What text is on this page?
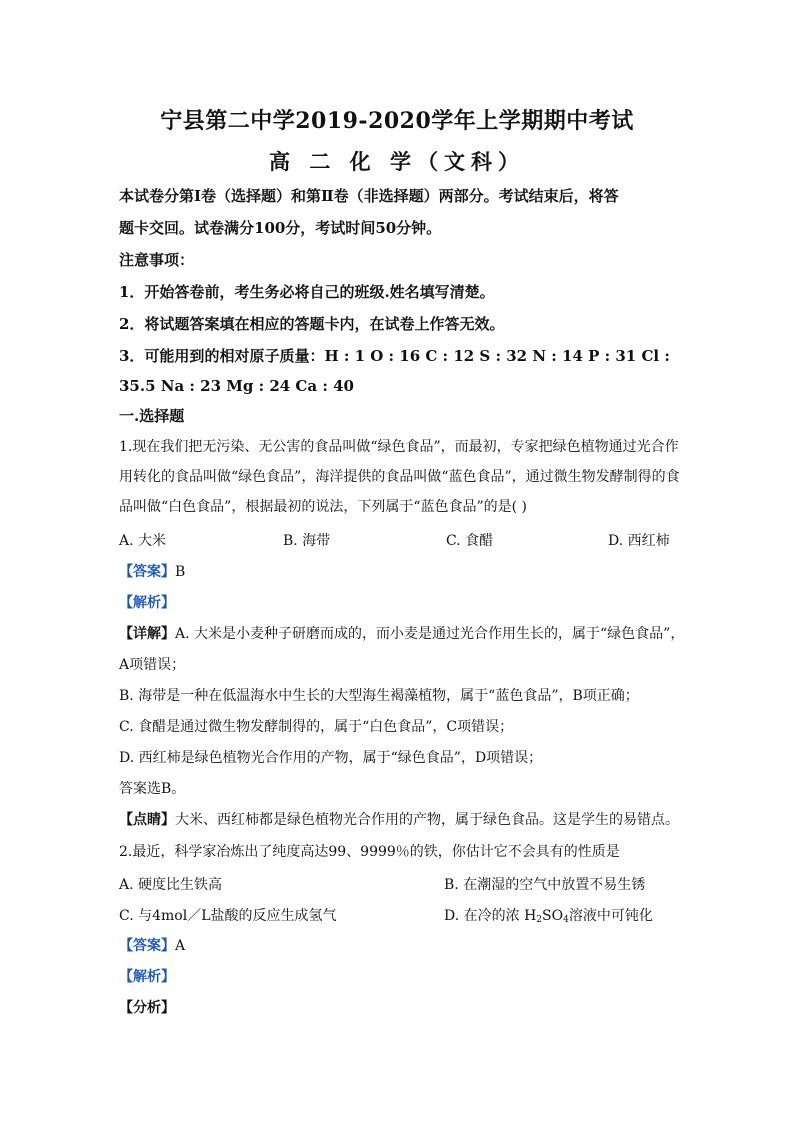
宁县第二中学2019-2020学年上学期期中考试
高 二 化 学（文科）
本试卷分第Ⅰ卷（选择题）和第Ⅱ卷（非选择题）两部分。考试结束后，将答
题卡交回。试卷满分100分，考试时间50分钟。
注意事项：
1．开始答卷前，考生务必将自己的班级.姓名填写清楚。
2．将试题答案填在相应的答题卡内，在试卷上作答无效。
3．可能用到的相对原子质量：H : 1 O : 16 C : 12 S : 32 N : 14 P : 31 Cl :
35.5 Na : 23 Mg : 24 Ca : 40
一.选择题
1.现在我们把无污染、无公害的食品叫做“绿色食品”，而最初，专家把绿色植物通过光合作
用转化的食品叫做“绿色食品”，海洋提供的食品叫做“蓝色食品”，通过微生物发酵制得的食
品叫做“白色食品”，根据最初的说法，下列属于“蓝色食品”的是( )
A. 大米	B. 海带	C. 食醋	D. 西红柿
【答案】B
【解析】
【详解】A. 大米是小麦种子研磨而成的，而小麦是通过光合作用生长的，属于“绿色食品”，
A项错误；
B. 海带是一种在低温海水中生长的大型海生褐藻植物，属于“蓝色食品”，B项正确；
C. 食醋是通过微生物发酵制得的，属于“白色食品”，C项错误；
D. 西红柿是绿色植物光合作用的产物，属于“绿色食品”，D项错误；
答案选B。
【点睛】大米、西红柿都是绿色植物光合作用的产物，属于绿色食品。这是学生的易错点。
2.最近，科学家冶炼出了纯度高达99、9999％的铁，你估计它不会具有的性质是
A. 硬度比生铁高	B. 在潮湿的空气中放置不易生锈
C. 与4mol／L盐酸的反应生成氢气	D. 在冷的浓 $H_2SO_4$溶液中可钝化
【答案】A
【解析】
【分析】
